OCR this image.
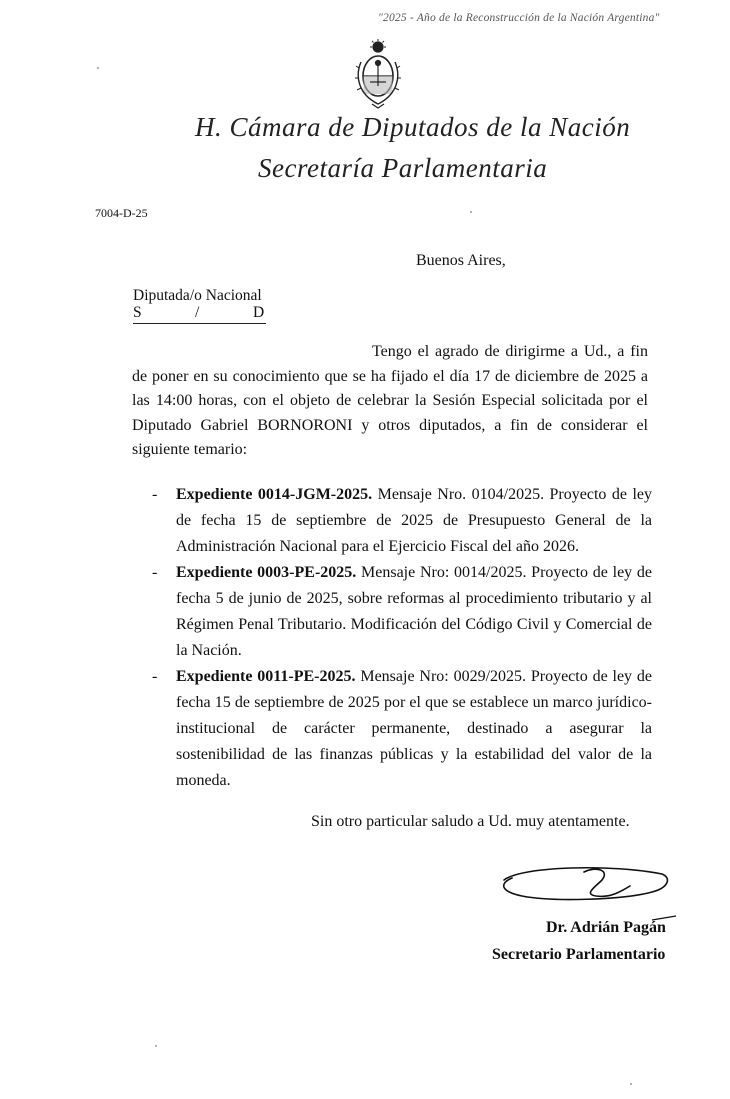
"2025 - Año de la Reconstrucción de la Nación Argentina"
H. Cámara de Diputados de la Nación
Secretaría Parlamentaria
7004-D-25
Buenos Aires,
Diputada/o Nacional
S	/	D

Tengo el agrado de dirigirme a Ud., a fin de poner en su conocimiento que se ha fijado el día 17 de diciembre de 2025 a las 14:00 horas, con el objeto de celebrar la Sesión Especial solicitada por el Diputado Gabriel BORNORONI y otros diputados, a fin de considerar el siguiente temario:

- Expediente 0014-JGM-2025. Mensaje Nro. 0104/2025. Proyecto de ley de fecha 15 de septiembre de 2025 de Presupuesto General de la Administración Nacional para el Ejercicio Fiscal del año 2026.
- Expediente 0003-PE-2025. Mensaje Nro: 0014/2025. Proyecto de ley de fecha 5 de junio de 2025, sobre reformas al procedimiento tributario y al Régimen Penal Tributario. Modificación del Código Civil y Comercial de la Nación.
- Expediente 0011-PE-2025. Mensaje Nro: 0029/2025. Proyecto de ley de fecha 15 de septiembre de 2025 por el que se establece un marco jurídico-institucional de carácter permanente, destinado a asegurar la sostenibilidad de las finanzas públicas y la estabilidad del valor de la moneda.
Sin otro particular saludo a Ud. muy atentamente.
Dr. Adrián Pagán
Secretario Parlamentario
